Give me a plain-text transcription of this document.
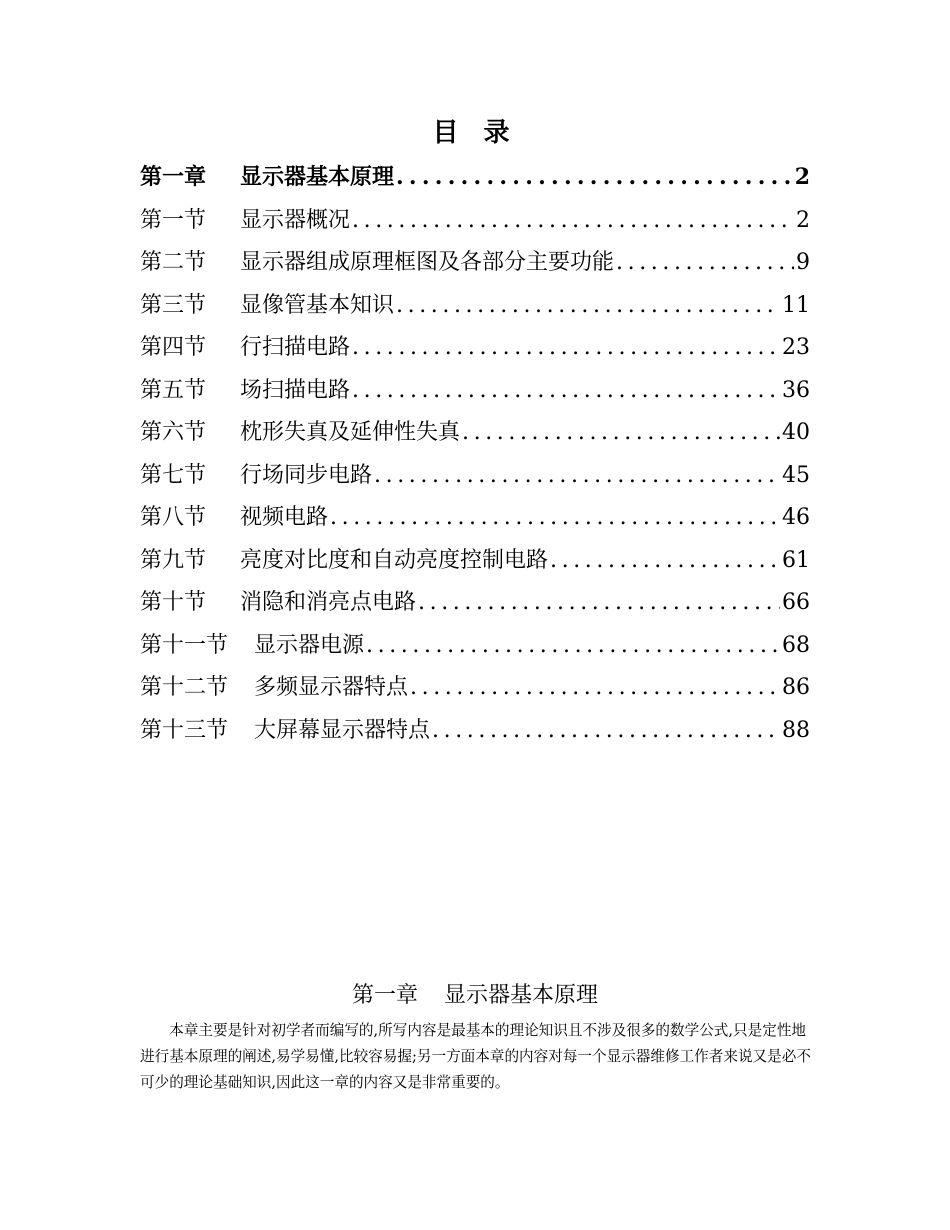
目 录
第一章 显示器基本原理 . . .	2
第一节 显示器概况 . . .	2
第二节 显示器组成原理框图及各部分主要功能 . . .	9
第三节 显像管基本知识 . . .	11
第四节 行扫描电路 . . .	23
第五节 场扫描电路 . . .	36
第六节 枕形失真及延伸性失真 . . .	40
第七节 行场同步电路 . . .	45
第八节 视频电路 . . .	46
第九节 亮度对比度和自动亮度控制电路 . . .	61
第十节 消隐和消亮点电路 . . .	66
第十一节 显示器电源 . . .	68
第十二节 多频显示器特点 . . .	86
第十三节 大屏幕显示器特点 . . .	88
第一章 显示器基本原理

本章主要是针对初学者而编写的,所写内容是最基本的理论知识且不涉及很多的数学公式,只是定性地进行基本原理的阐述,易学易懂,比较容易握;另一方面本章的内容对每一个显示器维修工作者来说又是必不可少的理论基础知识,因此这一章的内容又是非常重要的。
